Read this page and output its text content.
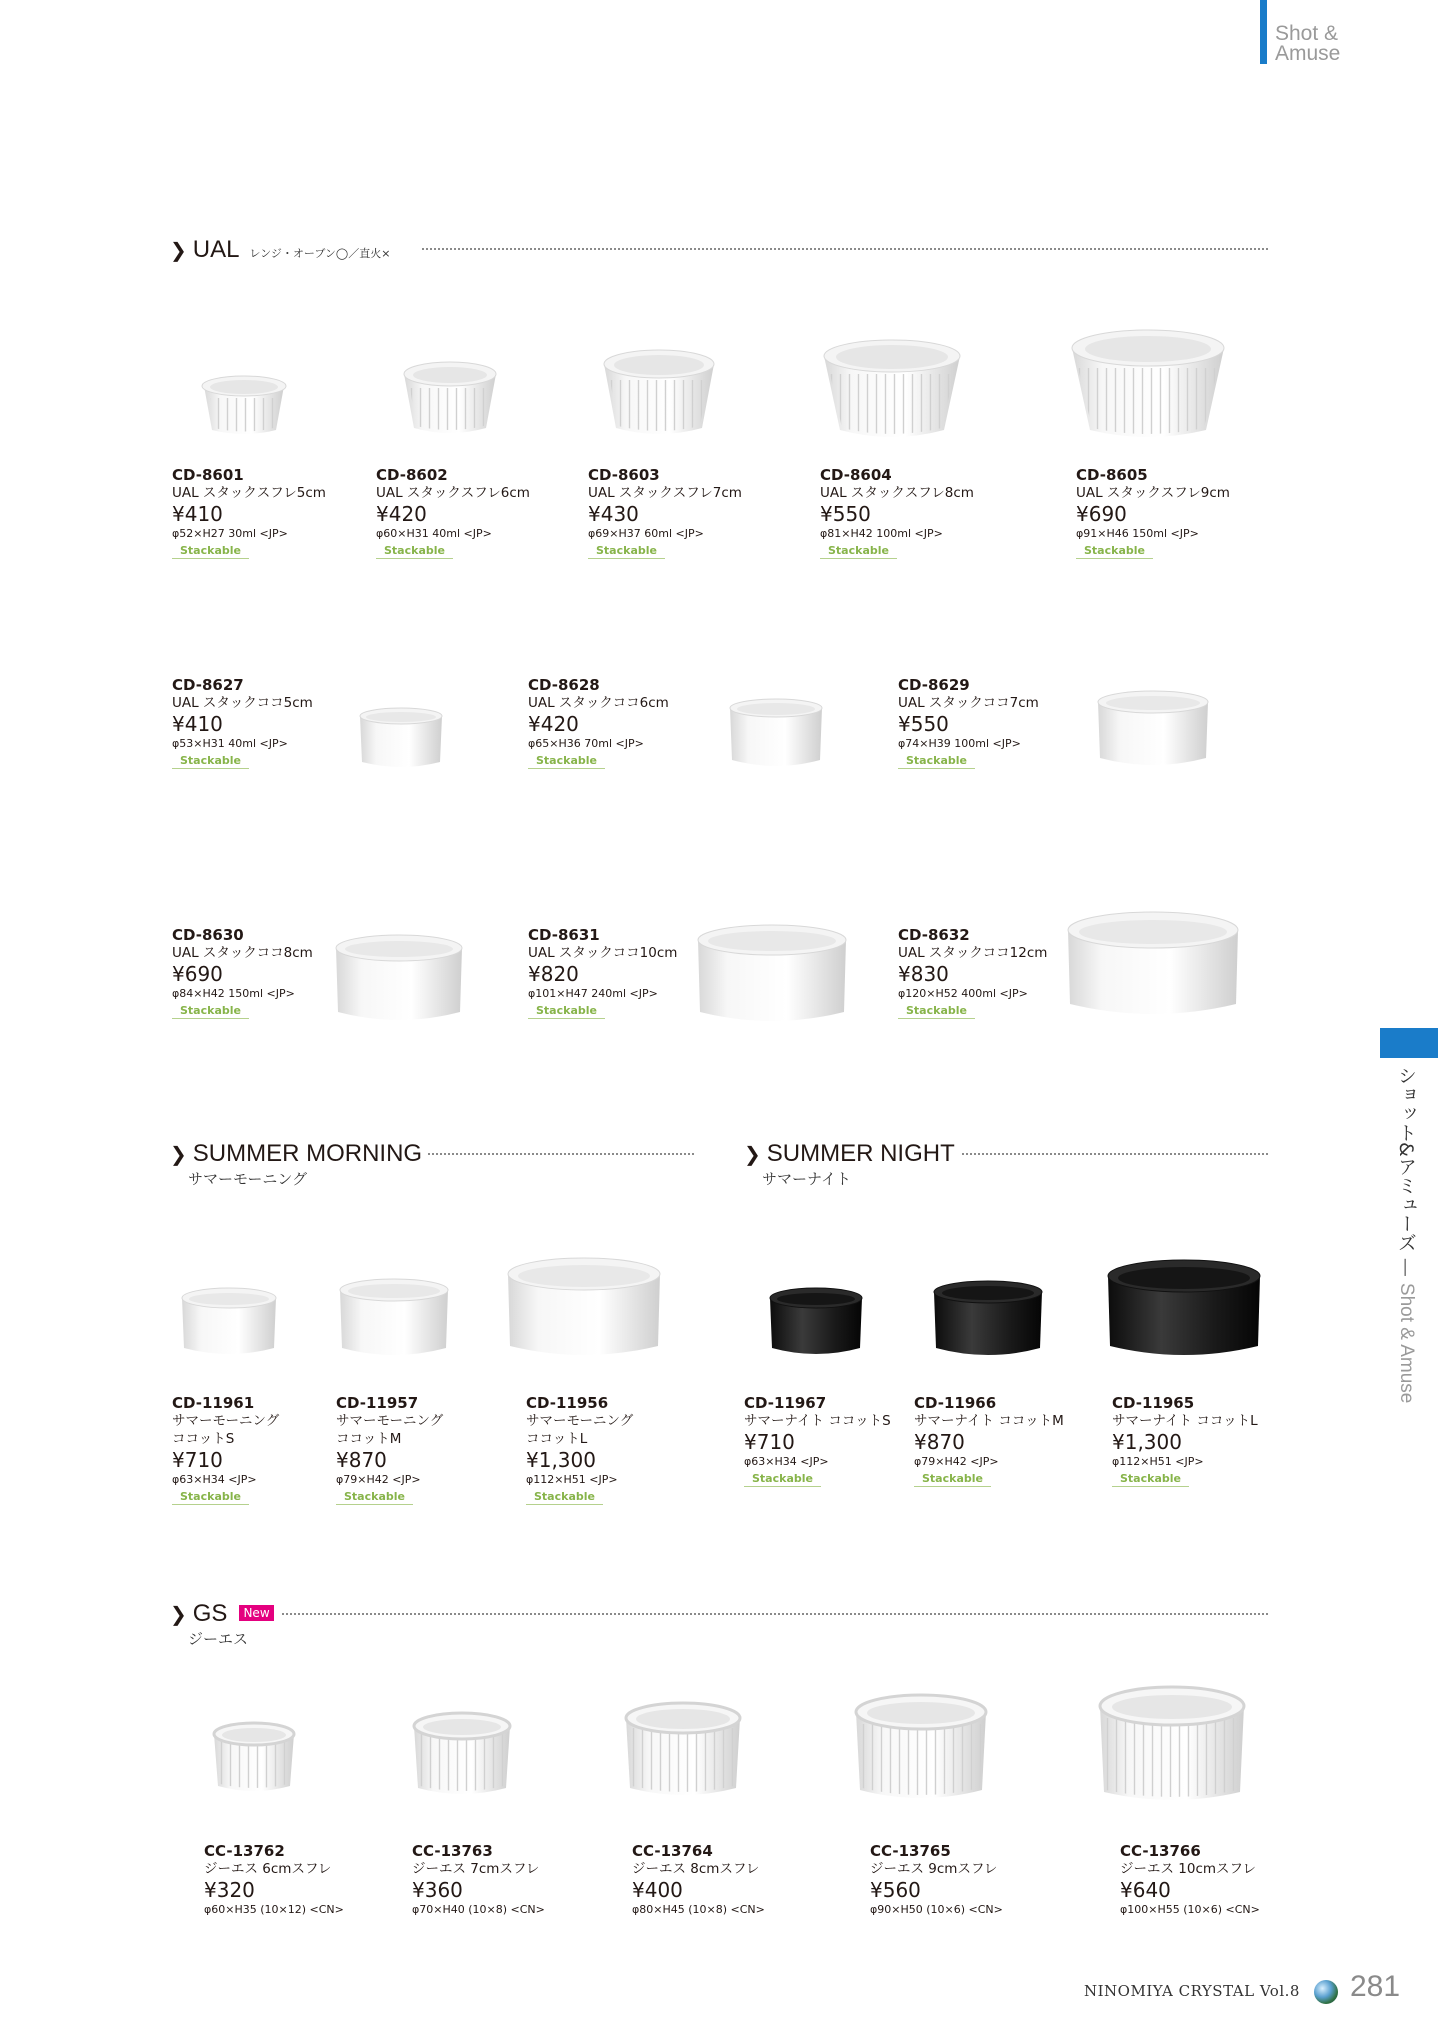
Shot &
Amuse
ショット&アミューズ — Shot & Amuse
❯ UAL レンジ・オーブン◯／直火×
CD-8601
UAL スタックスフレ5cm
¥410
φ52×H27 30ml <JP>
Stackable
CD-8602
UAL スタックスフレ6cm
¥420
φ60×H31 40ml <JP>
Stackable
CD-8603
UAL スタックスフレ7cm
¥430
φ69×H37 60ml <JP>
Stackable
CD-8604
UAL スタックスフレ8cm
¥550
φ81×H42 100ml <JP>
Stackable
CD-8605
UAL スタックスフレ9cm
¥690
φ91×H46 150ml <JP>
Stackable
CD-8627
UAL スタックココ5cm
¥410
φ53×H31 40ml <JP>
Stackable
CD-8628
UAL スタックココ6cm
¥420
φ65×H36 70ml <JP>
Stackable
CD-8629
UAL スタックココ7cm
¥550
φ74×H39 100ml <JP>
Stackable
CD-8630
UAL スタックココ8cm
¥690
φ84×H42 150ml <JP>
Stackable
CD-8631
UAL スタックココ10cm
¥820
φ101×H47 240ml <JP>
Stackable
CD-8632
UAL スタックココ12cm
¥830
φ120×H52 400ml <JP>
Stackable
❯ SUMMER MORNING
サマーモーニング
❯ SUMMER NIGHT
サマーナイト
CD-11961
サマーモーニング
ココットS
¥710
φ63×H34 <JP>
Stackable
CD-11957
サマーモーニング
ココットM
¥870
φ79×H42 <JP>
Stackable
CD-11956
サマーモーニング
ココットL
¥1,300
φ112×H51 <JP>
Stackable
CD-11967
サマーナイト ココットS
¥710
φ63×H34 <JP>
Stackable
CD-11966
サマーナイト ココットM
¥870
φ79×H42 <JP>
Stackable
CD-11965
サマーナイト ココットL
¥1,300
φ112×H51 <JP>
Stackable
❯ GS	New
ジーエス
CC-13762
ジーエス 6cmスフレ
¥320
φ60×H35 (10×12) <CN>
CC-13763
ジーエス 7cmスフレ
¥360
φ70×H40 (10×8) <CN>
CC-13764
ジーエス 8cmスフレ
¥400
φ80×H45 (10×8) <CN>
CC-13765
ジーエス 9cmスフレ
¥560
φ90×H50 (10×6) <CN>
CC-13766
ジーエス 10cmスフレ
¥640
φ100×H55 (10×6) <CN>
NINOMIYA CRYSTAL Vol.8 281
